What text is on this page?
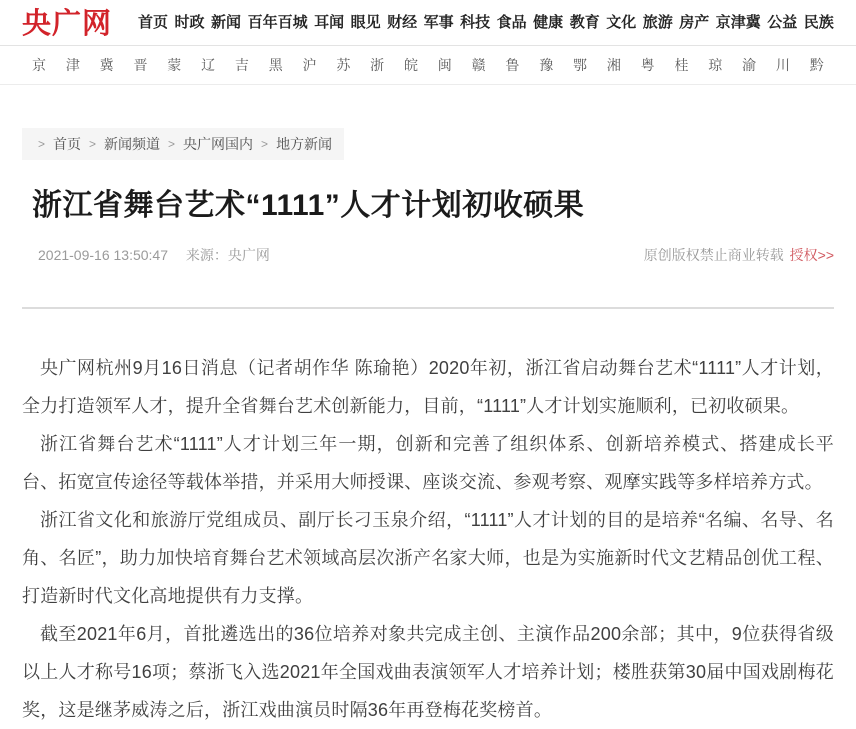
央广网 首页 时政 新闻 百年百城 耳闻 眼见 财经 军事 科技 食品 健康 教育 文化 旅游 房产 京津冀 公益 民族
京 津 冀 晋 蒙 辽 吉 黑 沪 苏 浙 皖 闽 赣 鲁 豫 鄂 湘 粤 桂 琼 渝 川 黔
> 首页 > 新闻频道 > 央广网国内 > 地方新闻
浙江省舞台艺术“1111”人才计划初收硕果
2021-09-16 13:50:47 来源：央广网	原创版权禁止商业转载 授权>>

央广网杭州9月16日消息（记者胡作华 陈瑜艳）2020年初，浙江省启动舞台艺术“1111”人才计划，全力打造领军人才，提升全省舞台艺术创新能力，目前，“1111”人才计划实施顺利，已初收硕果。

浙江省舞台艺术“1111”人才计划三年一期，创新和完善了组织体系、创新培养模式、搭建成长平台、拓宽宣传途径等载体举措，并采用大师授课、座谈交流、参观考察、观摩实践等多样培养方式。

浙江省文化和旅游厅党组成员、副厅长刁玉泉介绍，“1111”人才计划的目的是培养“名编、名导、名角、名匠”，助力加快培育舞台艺术领域高层次浙产名家大师，也是为实施新时代文艺精品创优工程、打造新时代文化高地提供有力支撑。

截至2021年6月，首批遴选出的36位培养对象共完成主创、主演作品200余部；其中，9位获得省级以上人才称号16项；蔡浙飞入选2021年全国戏曲表演领军人才培养计划；楼胜获第30届中国戏剧梅花奖，这是继茅威涛之后，浙江戏曲演员时隔36年再登梅花奖榜首。
